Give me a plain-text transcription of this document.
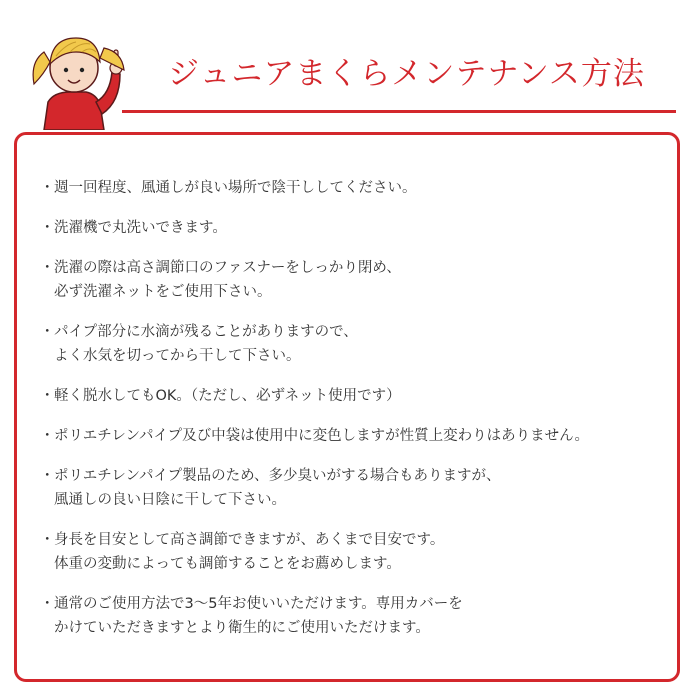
ジュニアまくらメンテナンス方法
・ 週一回程度、風通しが良い場所で陰干ししてください。
・ 洗濯機で丸洗いできます。
・ 洗濯の際は高さ調節口のファスナーをしっかり閉め、
必ず洗濯ネットをご使用下さい。
・ パイプ部分に水滴が残ることがありますので、
よく水気を切ってから干して下さい。
・ 軽く脱水してもOK。（ただし、必ずネット使用です）
・ ポリエチレンパイプ及び中袋は使用中に変色しますが性質上変わりはありません。
・ ポリエチレンパイプ製品のため、多少臭いがする場合もありますが、
風通しの良い日陰に干して下さい。
・ 身長を目安として高さ調節できますが、あくまで目安です。
体重の変動によっても調節することをお薦めします。
・ 通常のご使用方法で3〜5年お使いいただけます。専用カバーを
かけていただきますとより衛生的にご使用いただけます。
